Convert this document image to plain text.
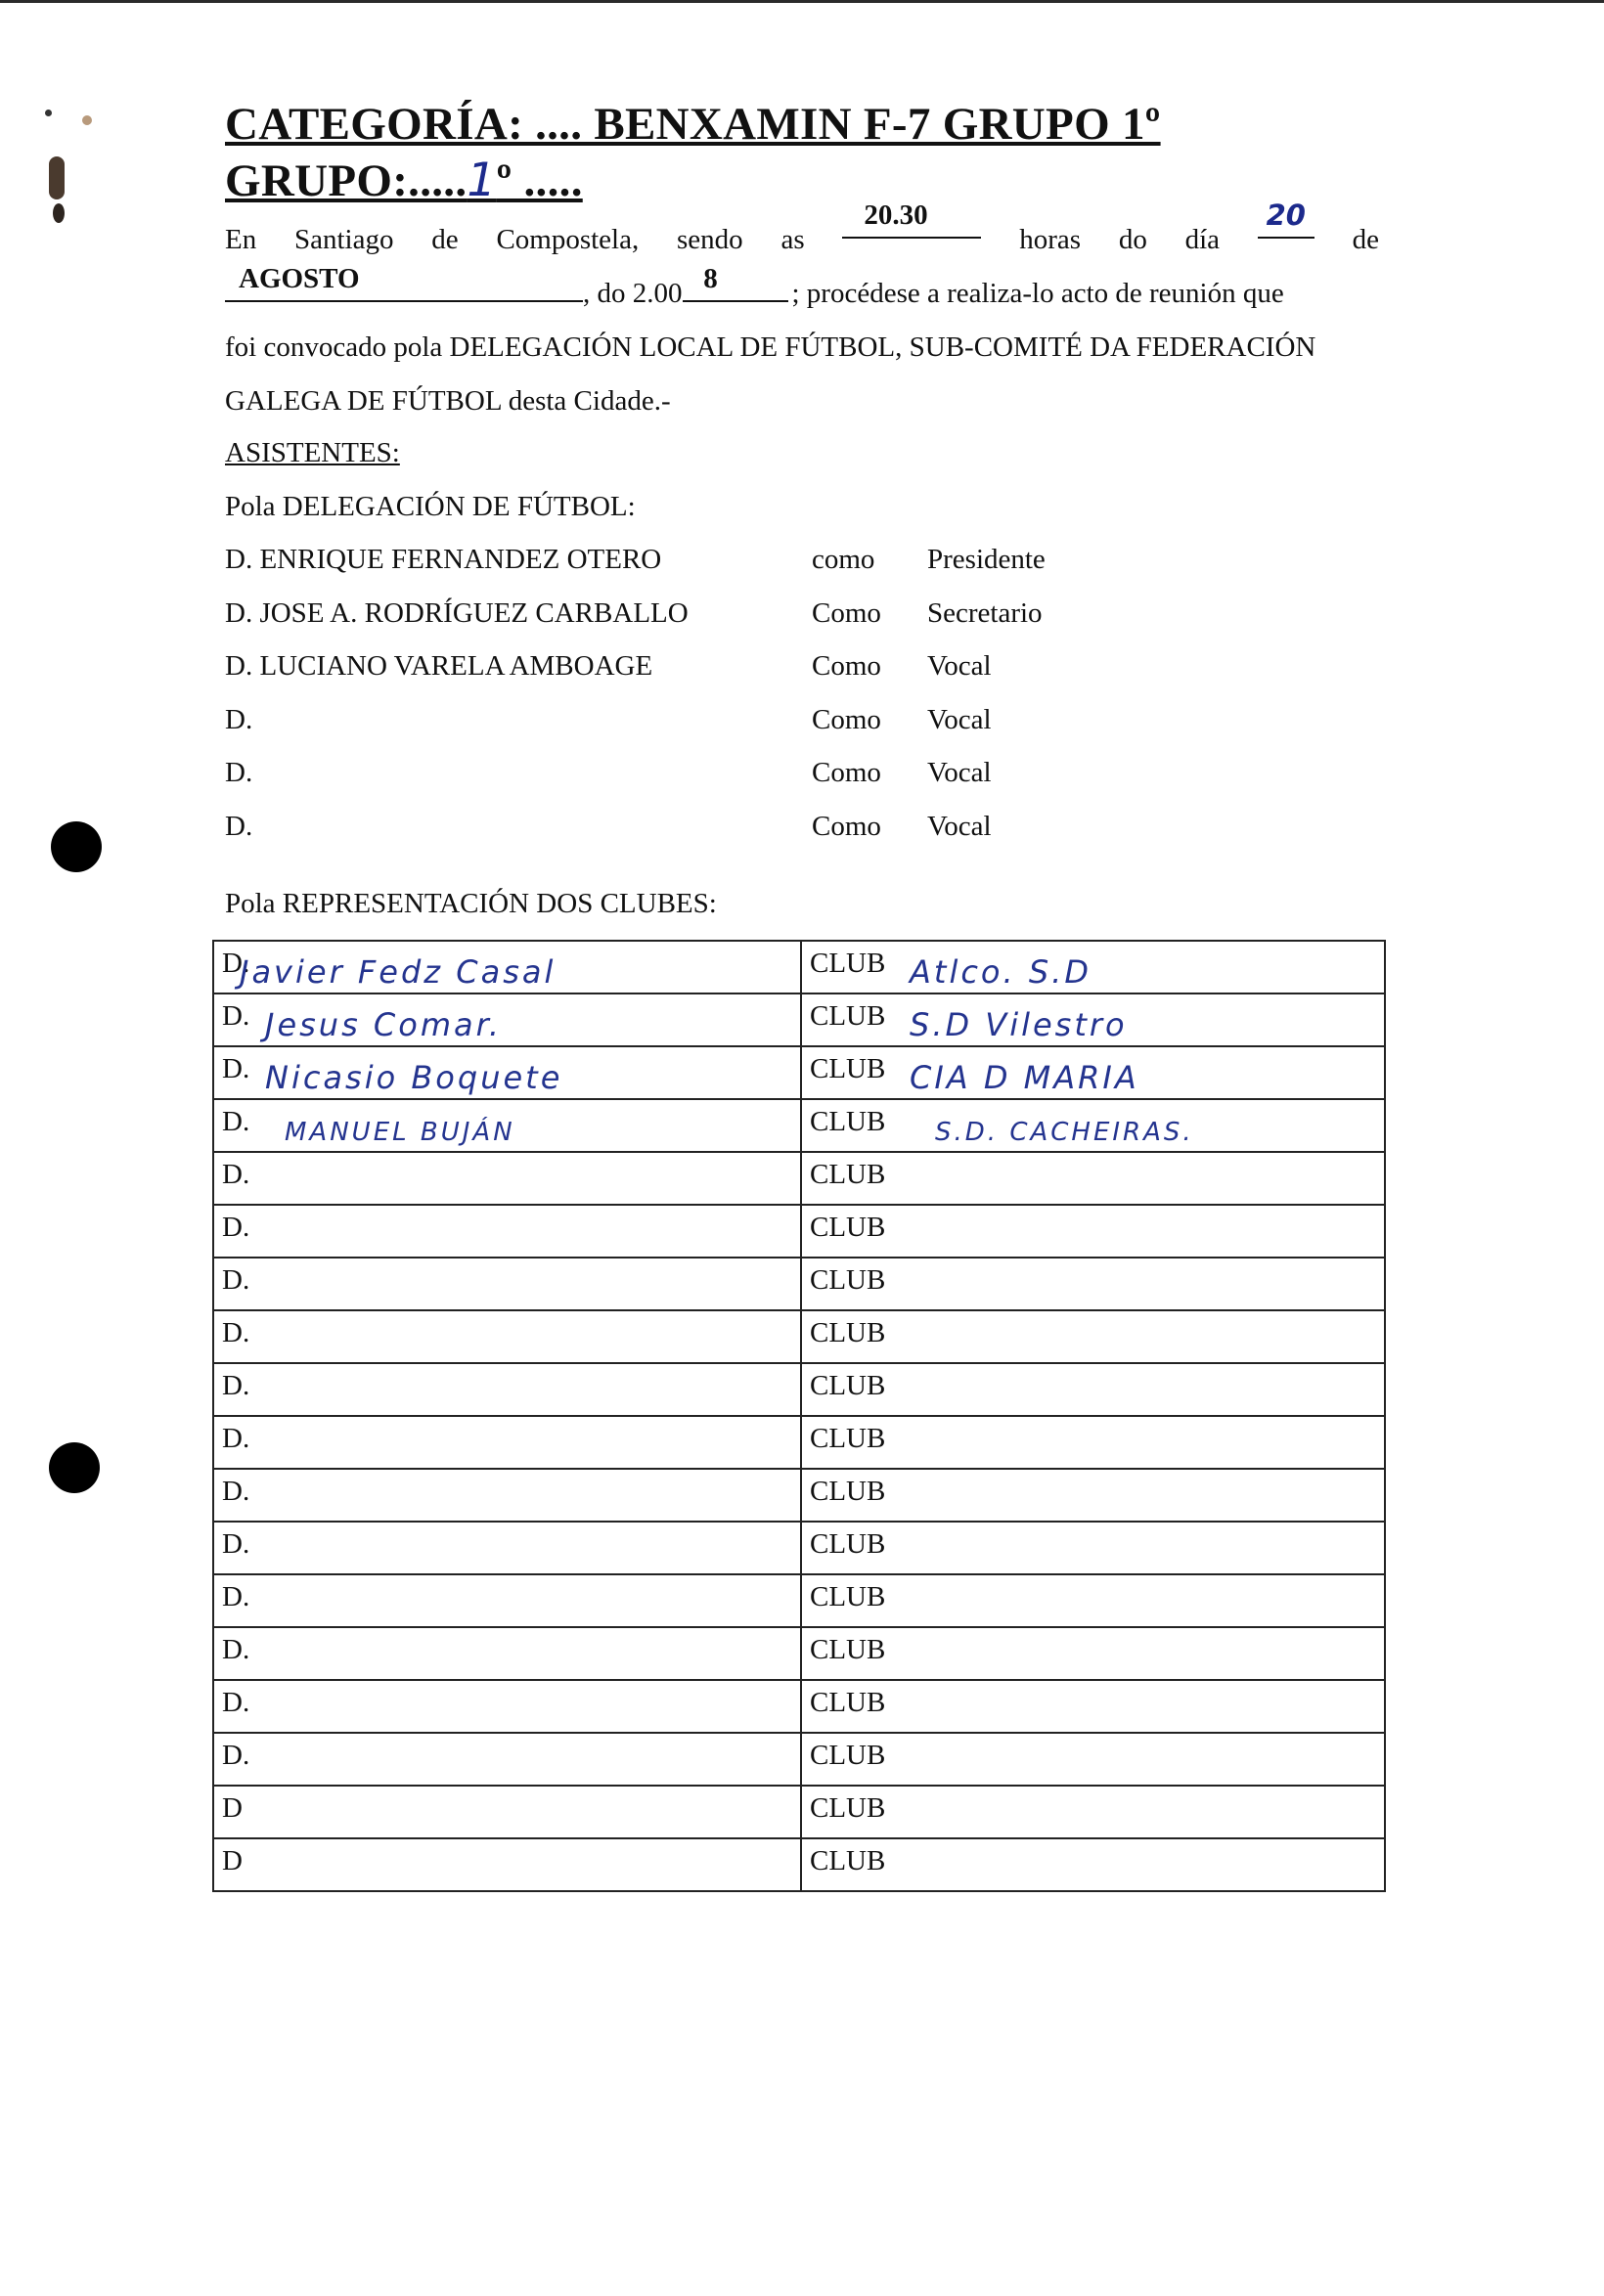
CATEGORÍA: .... BENXAMIN F-7 GRUPO 1º
GRUPO:.....1º .....
En Santiago de Compostela, sendo as
20.30
horas do día
20
de
AGOSTO	, do 2.00 8	; procédese a realiza-lo acto de reunión que
foi convocado pola DELEGACIÓN LOCAL DE FÚTBOL, SUB-COMITÉ DA FEDERACIÓN
GALEGA DE FÚTBOL desta Cidade.-
ASISTENTES:
Pola DELEGACIÓN DE FÚTBOL:
D. ENRIQUE FERNANDEZ OTERO	como Presidente
D. JOSE A. RODRÍGUEZ CARBALLO	Como Secretario
D. LUCIANO VARELA AMBOAGE	Como Vocal
D.	Como Vocal
D.	Como Vocal
D.	Como Vocal
Pola REPRESENTACIÓN DOS CLUBES:
D.
Javier Fedz Casal	CLUB Atlco. S.D

D. Jesus Comar.	CLUB S.D Vilestro

D. Nicasio Boquete	CLUB CIA D MARIA

D. MANUEL BUJÁN	CLUB S.D. CACHEIRAS.

D.	CLUB

D.	CLUB

D.	CLUB

D.	CLUB

D.	CLUB

D.	CLUB

D.	CLUB

D.	CLUB

D.	CLUB

D.	CLUB

D.	CLUB

D.	CLUB

D	CLUB

D	CLUB
